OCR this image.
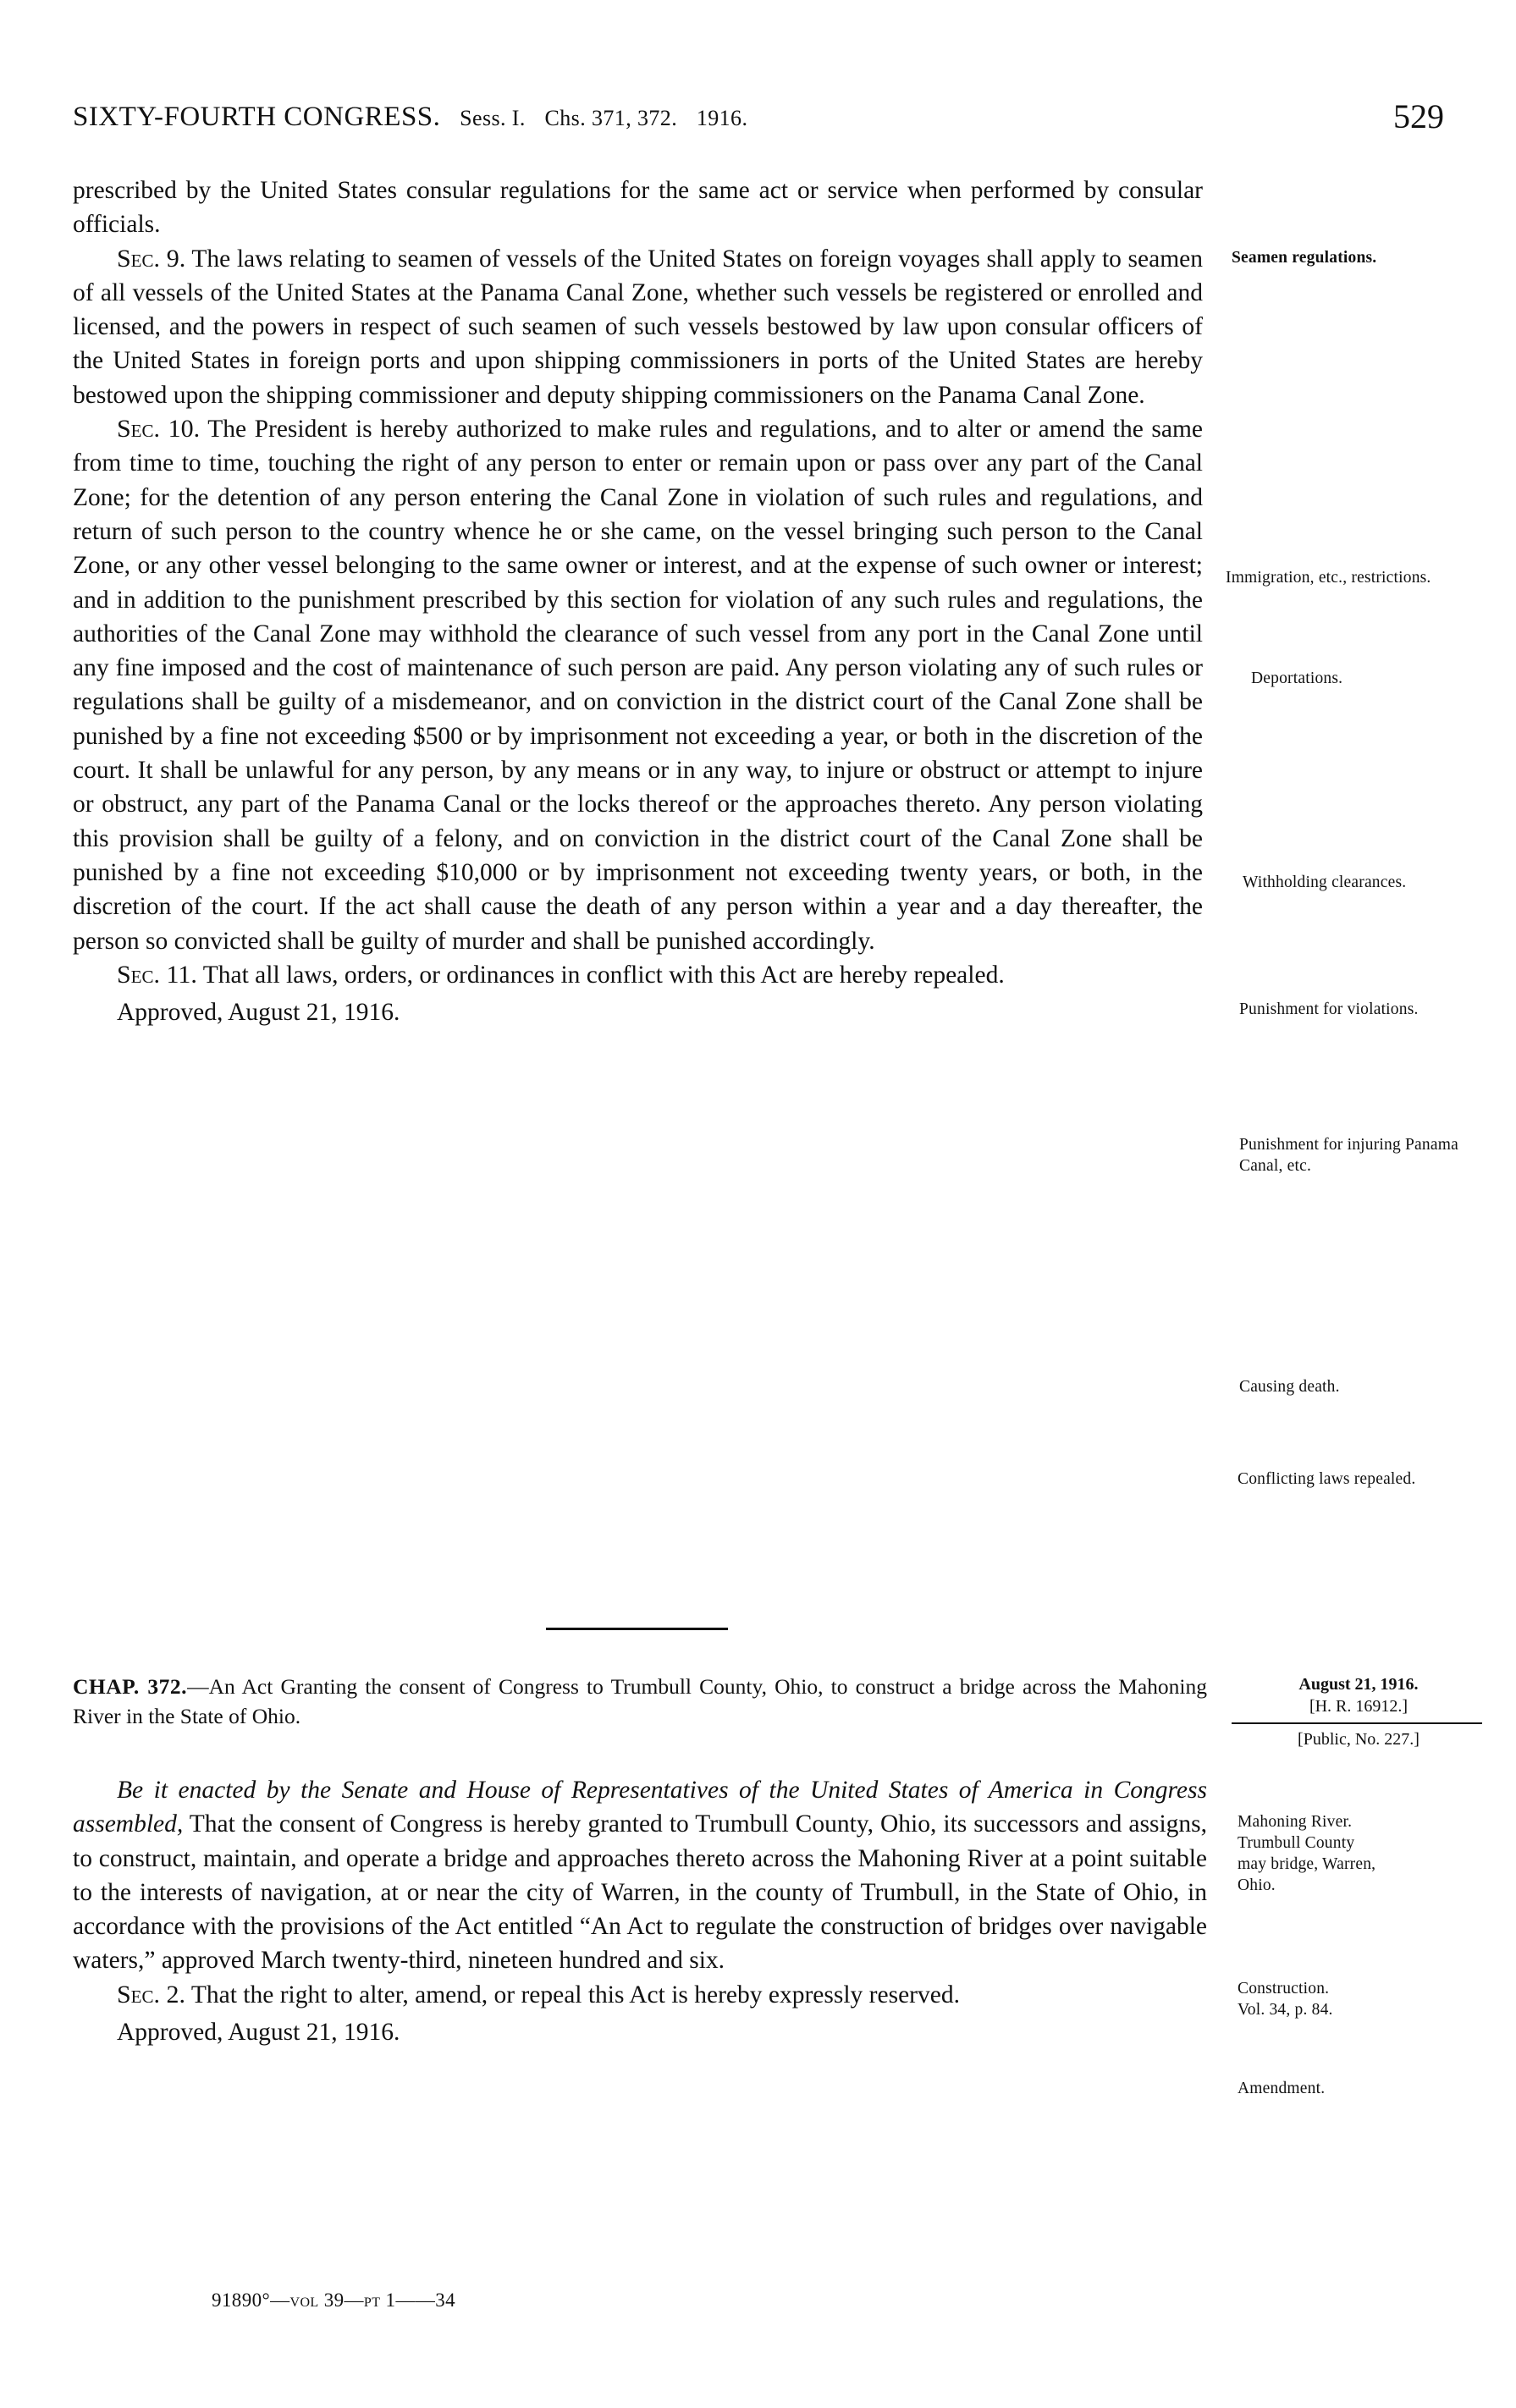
SIXTY-FOURTH CONGRESS. Sess. I. Chs. 371, 372. 1916.	529

prescribed by the United States consular regulations for the same act or service when performed by consular officials.

Sec. 9. The laws relating to seamen of vessels of the United States on foreign voyages shall apply to seamen of all vessels of the United States at the Panama Canal Zone, whether such vessels be registered or enrolled and licensed, and the powers in respect of such seamen of such vessels bestowed by law upon consular officers of the United States in foreign ports and upon shipping commissioners in ports of the United States are hereby bestowed upon the shipping commissioner and deputy shipping commissioners on the Panama Canal Zone.

Sec. 10. The President is hereby authorized to make rules and regulations, and to alter or amend the same from time to time, touching the right of any person to enter or remain upon or pass over any part of the Canal Zone; for the detention of any person entering the Canal Zone in violation of such rules and regulations, and return of such person to the country whence he or she came, on the vessel bringing such person to the Canal Zone, or any other vessel belonging to the same owner or interest, and at the expense of such owner or interest; and in addition to the punishment prescribed by this section for violation of any such rules and regulations, the authorities of the Canal Zone may withhold the clearance of such vessel from any port in the Canal Zone until any fine imposed and the cost of maintenance of such person are paid. Any person violating any of such rules or regulations shall be guilty of a misdemeanor, and on conviction in the district court of the Canal Zone shall be punished by a fine not exceeding $500 or by imprisonment not exceeding a year, or both in the discretion of the court. It shall be unlawful for any person, by any means or in any way, to injure or obstruct or attempt to injure or obstruct, any part of the Panama Canal or the locks thereof or the approaches thereto. Any person violating this provision shall be guilty of a felony, and on conviction in the district court of the Canal Zone shall be punished by a fine not exceeding $10,000 or by imprisonment not exceeding twenty years, or both, in the discretion of the court. If the act shall cause the death of any person within a year and a day thereafter, the person so convicted shall be guilty of murder and shall be punished accordingly.

Sec. 11. That all laws, orders, or ordinances in conflict with this Act are hereby repealed.

Approved, August 21, 1916.

Seamen regulations.
Immigration, etc., restrictions.
Deportations.
Withholding clearances.
Punishment for violations.
Punishment for injuring Panama Canal, etc.
Causing death.
Conflicting laws repealed.
CHAP. 372.—An Act Granting the consent of Congress to Trumbull County, Ohio, to construct a bridge across the Mahoning River in the State of Ohio.
August 21, 1916.
[H. R. 16912.]
[Public, No. 227.]

Be it enacted by the Senate and House of Representatives of the United States of America in Congress assembled, That the consent of Congress is hereby granted to Trumbull County, Ohio, its successors and assigns, to construct, maintain, and operate a bridge and approaches thereto across the Mahoning River at a point suitable to the interests of navigation, at or near the city of Warren, in the county of Trumbull, in the State of Ohio, in accordance with the provisions of the Act entitled “An Act to regulate the construction of bridges over navigable waters,” approved March twenty-third, nineteen hundred and six.

Sec. 2. That the right to alter, amend, or repeal this Act is hereby expressly reserved.

Approved, August 21, 1916.

Mahoning River.
Trumbull County
may bridge, Warren,
Ohio.
Construction.
Vol. 34, p. 84.
Amendment.
91890°—vol 39—pt 1——34
